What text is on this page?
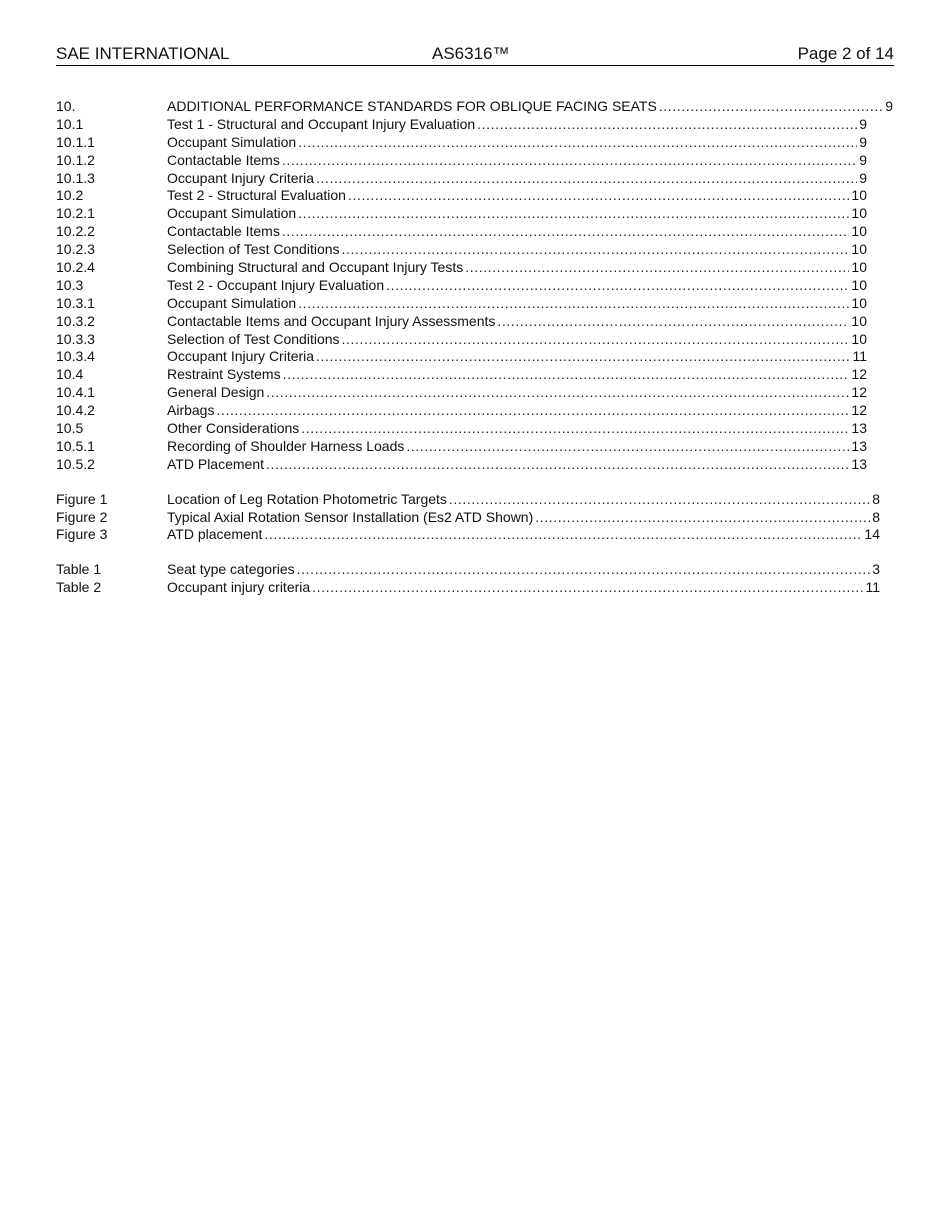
SAE INTERNATIONAL	AS6316™	Page 2 of 14
10.	ADDITIONAL PERFORMANCE STANDARDS FOR OBLIQUE FACING SEATS .....	9
10.1	Test 1 - Structural and Occupant Injury Evaluation .....	9
10.1.1	Occupant Simulation .....	9
10.1.2	Contactable Items .....	9
10.1.3	Occupant Injury Criteria .....	9
10.2	Test 2 - Structural Evaluation .....	10
10.2.1	Occupant Simulation .....	10
10.2.2	Contactable Items .....	10
10.2.3	Selection of Test Conditions .....	10
10.2.4	Combining Structural and Occupant Injury Tests .....	10
10.3	Test 2 - Occupant Injury Evaluation .....	10
10.3.1	Occupant Simulation .....	10
10.3.2	Contactable Items and Occupant Injury Assessments .....	10
10.3.3	Selection of Test Conditions .....	10
10.3.4	Occupant Injury Criteria .....	11
10.4	Restraint Systems .....	12
10.4.1	General Design .....	12
10.4.2	Airbags .....	12
10.5	Other Considerations .....	13
10.5.1	Recording of Shoulder Harness Loads .....	13
10.5.2	ATD Placement .....	13
Figure 1	Location of Leg Rotation Photometric Targets .....	8
Figure 2	Typical Axial Rotation Sensor Installation (Es2 ATD Shown) .....	8
Figure 3	ATD placement .....	14
Table 1	Seat type categories .....	3
Table 2	Occupant injury criteria .....	11
